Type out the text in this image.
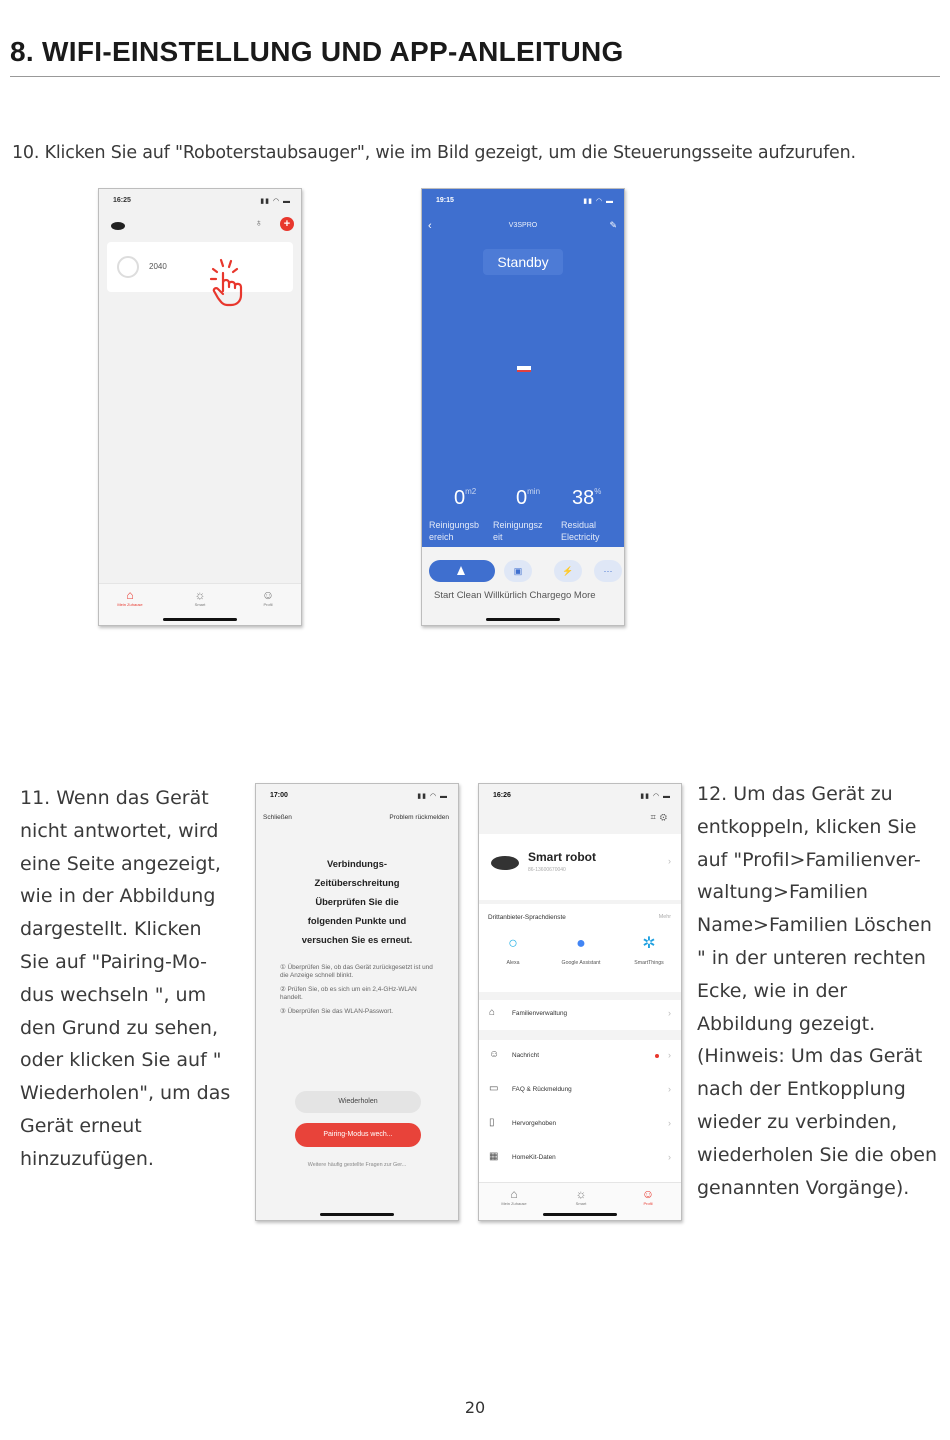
8. WIFI-EINSTELLUNG UND APP-ANLEITUNG

10. Klicken Sie auf "Roboterstaubsauger", wie im Bild gezeigt, um die Steuerungsseite aufzurufen.

16:25	▮▮ ◠ ▬
♁	+
2040
⌂
Mein Zuhause
☼
Smart
☺
Profil
19:15	▮▮ ◠ ▬
‹	V3SPRO	✎
Standby
$0^{m2}$ $0^{min}$ 38%
Reinigungsb
ereich
Reinigungsz
eit
Residual
Electricity
▣	⚡	···
Start Clean Willkürlich Chargego More
11. Wenn das Gerät
nicht antwortet, wird
eine Seite angezeigt,
wie in der Abbildung
dargestellt. Klicken
Sie auf "Pairing-Mo-
dus wechseln ", um
den Grund zu sehen,
oder klicken Sie auf "
Wiederholen", um das
Gerät erneut
hinzuzufügen.
17:00	▮▮ ◠ ▬
Schließen	Problem rückmelden
Verbindungs-
Zeitüberschreitung
Überprüfen Sie die
folgenden Punkte und
versuchen Sie es erneut.
① Überprüfen Sie, ob das Gerät zurückgesetzt ist und die Anzeige schnell blinkt.
② Prüfen Sie, ob es sich um ein 2,4-GHz-WLAN handelt.
③ Überprüfen Sie das WLAN-Passwort.
Wiederholen
Pairing-Modus wech...
Weitere häufig gestellte Fragen zur Ger...
16:26	▮▮ ◠ ▬
⌗⚙
Smart robot
86-13600670040
›
Drittanbieter-Sprachdienste	Mehr
○
Alexa
●
Google Assistant
✲
SmartThings
⌂	Familienverwaltung	›
☺ Nachricht	›
▭ FAQ & Rückmeldung	›
▯	Hervorgehoben	›
▦ HomeKit-Daten	›
⌂
Mein Zuhause
☼
Smart
☺
Profil
12. Um das Gerät zu
entkoppeln, klicken Sie
auf "Profil>Familienver-
waltung>Familien
Name>Familien Löschen
" in der unteren rechten
Ecke, wie in der
Abbildung gezeigt.
(Hinweis: Um das Gerät
nach der Entkopplung
wieder zu verbinden,
wiederholen Sie die oben
genannten Vorgänge).
20
